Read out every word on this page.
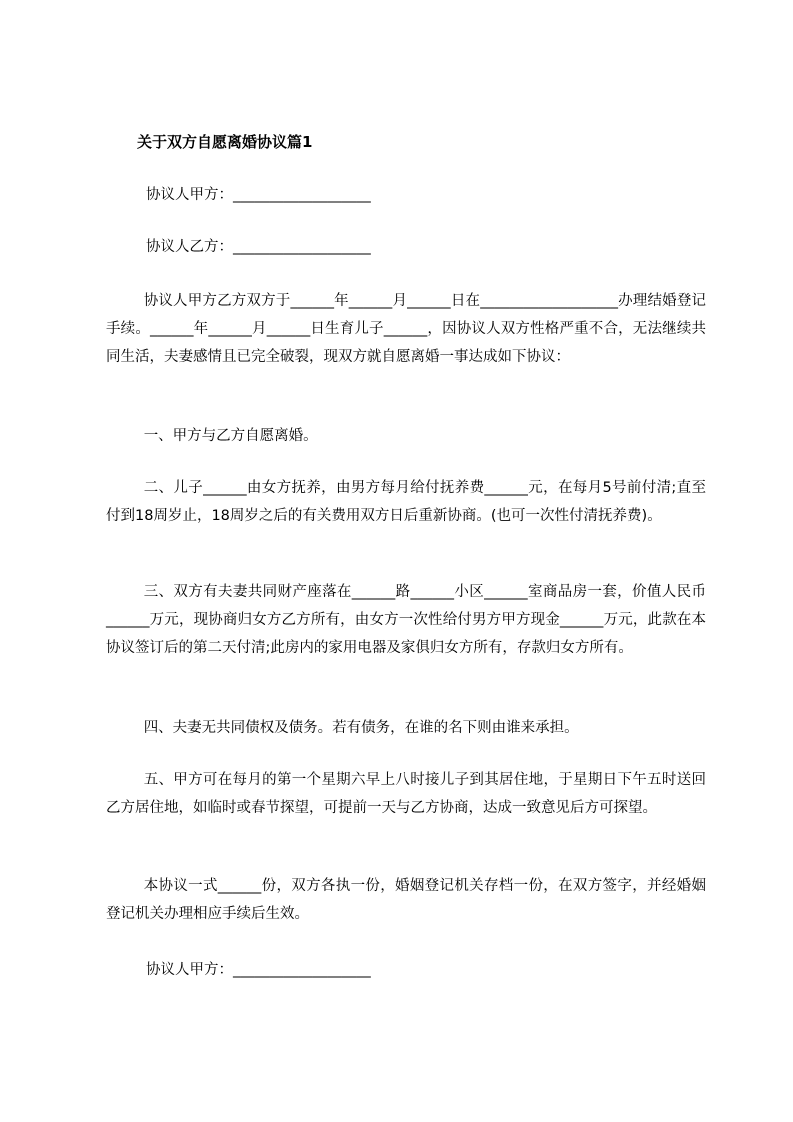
关于双方自愿离婚协议篇1
协议人甲方：___________________
协议人乙方：___________________

协议人甲方乙方双方于______年______月______日在___________________办理结婚登记手续。______年______月______日生育儿子______，因协议人双方性格严重不合，无法继续共同生活，夫妻感情且已完全破裂，现双方就自愿离婚一事达成如下协议：

一、甲方与乙方自愿离婚。

二、儿子______由女方抚养，由男方每月给付抚养费______元，在每月5号前付清;直至付到18周岁止，18周岁之后的有关费用双方日后重新协商。(也可一次性付清抚养费)。

三、双方有夫妻共同财产座落在______路______小区______室商品房一套，价值人民币______万元，现协商归女方乙方所有，由女方一次性给付男方甲方现金______万元，此款在本协议签订后的第二天付清;此房内的家用电器及家俱归女方所有，存款归女方所有。

四、夫妻无共同债权及债务。若有债务，在谁的名下则由谁来承担。

五、甲方可在每月的第一个星期六早上八时接儿子到其居住地，于星期日下午五时送回乙方居住地，如临时或春节探望，可提前一天与乙方协商，达成一致意见后方可探望。

本协议一式______份，双方各执一份，婚姻登记机关存档一份，在双方签字，并经婚姻登记机关办理相应手续后生效。

协议人甲方：___________________
